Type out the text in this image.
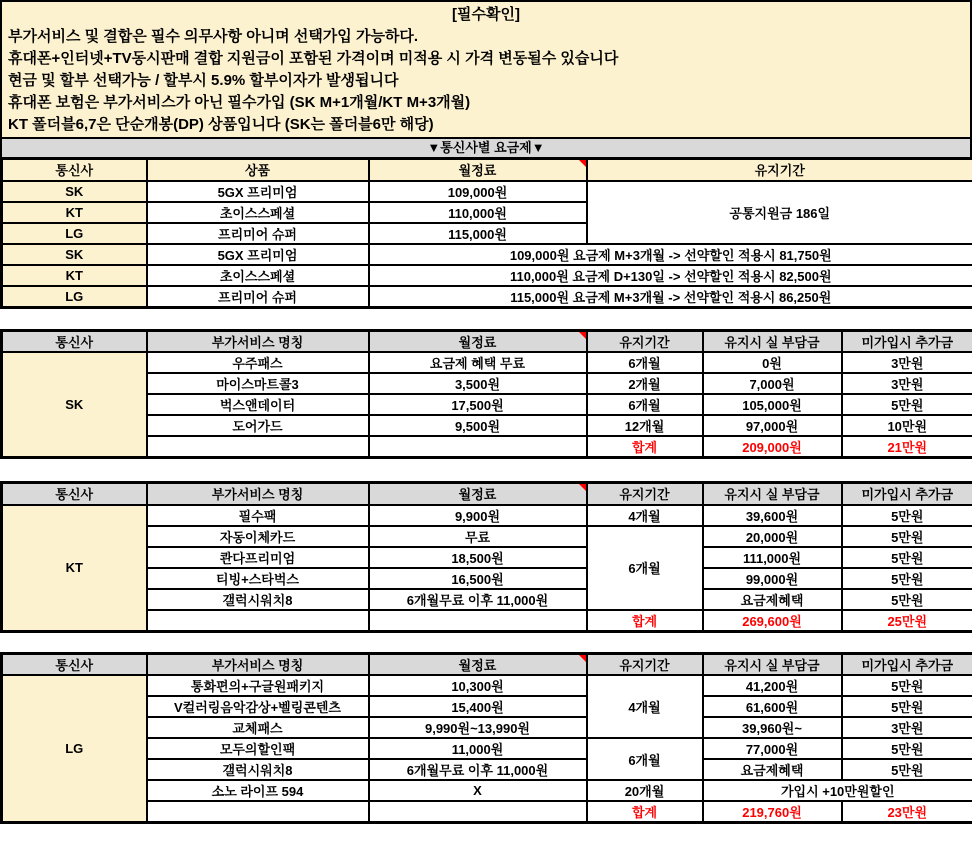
[필수확인]
부가서비스 및 결합은 필수 의무사항 아니며 선택가입 가능하다.
휴대폰+인터넷+TV동시판매 결합 지원금이 포함된 가격이며 미적용 시 가격 변동될수 있습니다
현금 및 할부 선택가능 / 할부시 5.9% 할부이자가 발생됩니다
휴대폰 보험은 부가서비스가 아닌 필수가입 (SK M+1개월/KT M+3개월)
KT 폴더블6,7은 단순개봉(DP) 상품입니다 (SK는 폴더블6만 해당)
▼통신사별 요금제▼
통신사	상품	월정료	유지기간
SK	5GX 프리미엄	109,000원	공통지원금 186일
KT	초이스스페셜	110,000원	
LG	프리미어 슈퍼	115,000원	
SK	5GX 프리미엄	109,000원 요금제 M+3개월 -> 선약할인 적용시 81,750원	
KT	초이스스페셜	110,000원 요금제 D+130일 -> 선약할인 적용시 82,500원	
LG	프리미어 슈퍼	115,000원 요금제 M+3개월 -> 선약할인 적용시 86,250원	
통신사	부가서비스 명칭	월정료	유지기간	유지시 실 부담금	미가입시 추가금
SK	우주패스	요금제 혜택 무료	6개월	0원	3만원
	마이스마트콜3	3,500원	2개월	7,000원	3만원
	벅스앤데이터	17,500원	6개월	105,000원	5만원
	도어가드	9,500원	12개월	97,000원	10만원
			합계	209,000원	21만원
통신사	부가서비스 명칭	월정료	유지기간	유지시 실 부담금	미가입시 추가금
KT	필수팩	9,900원	4개월	39,600원	5만원
	자동이체카드	무료	6개월	20,000원	5만원
	콴다프리미엄	18,500원		111,000원	5만원
	티빙+스타벅스	16,500원		99,000원	5만원
	갤럭시워치8	6개월무료 이후 11,000원		요금제혜택	5만원
			합계	269,600원	25만원
통신사	부가서비스 명칭	월정료	유지기간	유지시 실 부담금	미가입시 추가금
LG	통화편의+구글원패키지	10,300원	4개월	41,200원	5만원
	V컬러링음악감상+벨링콘텐츠	15,400원		61,600원	5만원
	교체패스	9,990원~13,990원		39,960원~	3만원
	모두의할인팩	11,000원	6개월	77,000원	5만원
	갤럭시워치8	6개월무료 이후 11,000원		요금제혜택	5만원
	소노 라이프 594	X	20개월	가입시 +10만원할인	
			합계	219,760원	23만원
